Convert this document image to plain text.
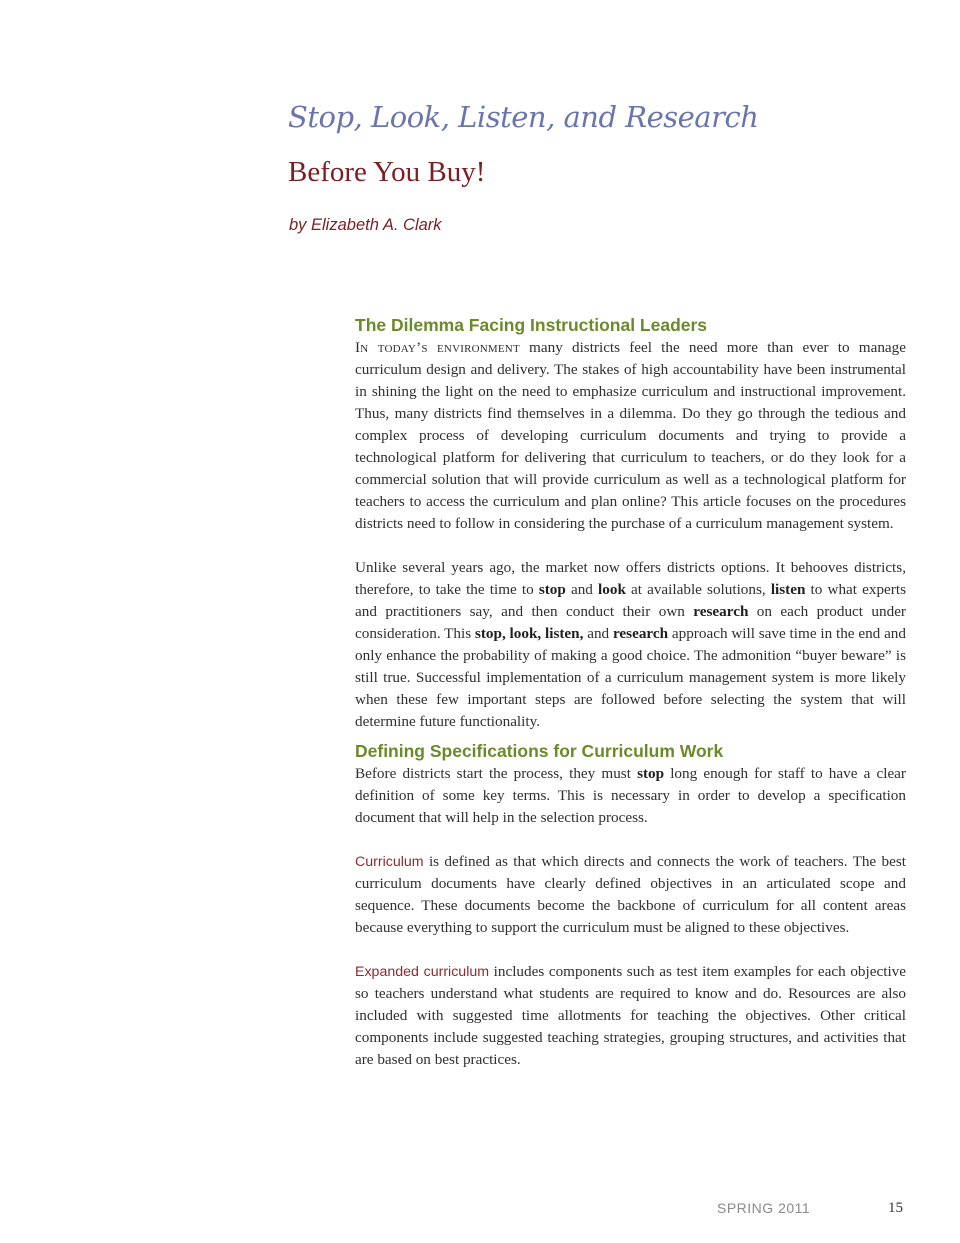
Stop, Look, Listen, and Research
Before You Buy!

by Elizabeth A. Clark

The Dilemma Facing Instructional Leaders

In today’s environment many districts feel the need more than ever to manage curriculum design and delivery. The stakes of high accountability have been instrumental in shining the light on the need to emphasize curriculum and instructional improvement. Thus, many districts find themselves in a dilemma. Do they go through the tedious and complex process of developing curriculum documents and trying to provide a technological platform for delivering that curriculum to teachers, or do they look for a commercial solution that will provide curriculum as well as a technological platform for teachers to access the curriculum and plan online? This article focuses on the procedures districts need to follow in considering the purchase of a curriculum management system.

Unlike several years ago, the market now offers districts options. It behooves districts, therefore, to take the time to stop and look at available solutions, listen to what experts and practitioners say, and then conduct their own research on each product under consideration. This stop, look, listen, and research approach will save time in the end and only enhance the probability of making a good choice. The admonition “buyer beware” is still true. Successful implementation of a curriculum management system is more likely when these few important steps are followed before selecting the system that will determine future functionality.

Defining Specifications for Curriculum Work

Before districts start the process, they must stop long enough for staff to have a clear definition of some key terms. This is necessary in order to develop a specification document that will help in the selection process.

Curriculum is defined as that which directs and connects the work of teachers. The best curriculum documents have clearly defined objectives in an articulated scope and sequence. These documents become the backbone of curriculum for all content areas because everything to support the curriculum must be aligned to these objectives.

Expanded curriculum includes components such as test item examples for each objective so teachers understand what students are required to know and do. Resources are also included with suggested time allotments for teaching the objectives. Other critical components include suggested teaching strategies, grouping structures, and activities that are based on best practices.

SPRING 2011	15
